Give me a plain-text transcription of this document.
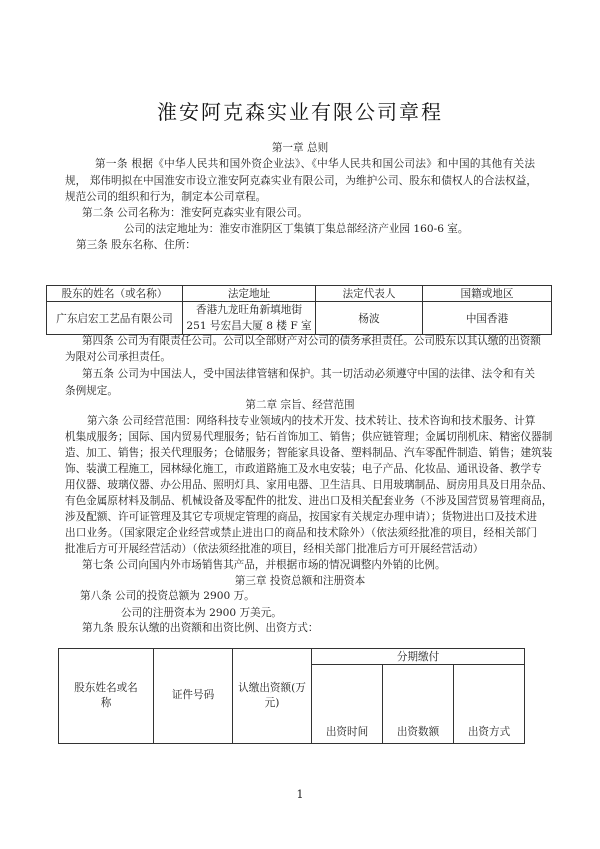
淮安阿克森实业有限公司章程
第一章 总则
第一条 根据《中华人民共和国外资企业法》、《中华人民共和国公司法》和中国的其他有关法
规， 郑伟明拟在中国淮安市设立淮安阿克森实业有限公司，为维护公司、股东和债权人的合法权益，
规范公司的组织和行为，制定本公司章程。
第二条 公司名称为：淮安阿克森实业有限公司。
公司的法定地址为：淮安市淮阴区丁集镇丁集总部经济产业园 160-6 室。
第三条 股东名称、住所：
股东的姓名（或名称）	法定地址	法定代表人	国籍或地区
广东启宏工艺品有限公司	香港九龙旺角新填地街
251 号宏昌大厦 8 楼 F 室	杨波	中国香港
第四条 公司为有限责任公司。公司以全部财产对公司的债务承担责任。公司股东以其认缴的出资额
为限对公司承担责任。
第五条 公司为中国法人，受中国法律管辖和保护。其一切活动必须遵守中国的法律、法令和有关
条例规定。
第二章 宗旨、经营范围
第六条 公司经营范围：网络科技专业领域内的技术开发、技术转让、技术咨询和技术服务、计算
机集成服务；国际、国内贸易代理服务；钻石首饰加工、销售；供应链管理；金属切削机床、精密仪器制
造、加工、销售；报关代理服务；仓储服务；智能家具设备、塑料制品、汽车零配件制造、销售；建筑装
饰、装潢工程施工，园林绿化施工，市政道路施工及水电安装；电子产品、化妆品、通讯设备、教学专
用仪器、玻璃仪器、办公用品、照明灯具、家用电器、卫生洁具、日用玻璃制品、厨房用具及日用杂品、
有色金属原材料及制品、机械设备及零配件的批发、进出口及相关配套业务（不涉及国营贸易管理商品，
涉及配额、许可证管理及其它专项规定管理的商品，按国家有关规定办理申请）；货物进出口及技术进
出口业务。（国家限定企业经营或禁止进出口的商品和技术除外）（依法须经批准的项目，经相关部门
批准后方可开展经营活动）（依法须经批准的项目，经相关部门批准后方可开展经营活动）
第七条 公司向国内外市场销售其产品，并根据市场的情况调整内外销的比例。
第三章 投资总额和注册资本
第八条 公司的投资总额为 2900 万。
公司的注册资本为 2900 万美元。
第九条 股东认缴的出资额和出资比例、出资方式：
股东姓名或名称	证件号码	认缴出资额(万元)	分期缴付		
			出资时间	出资数额	出资方式
1
